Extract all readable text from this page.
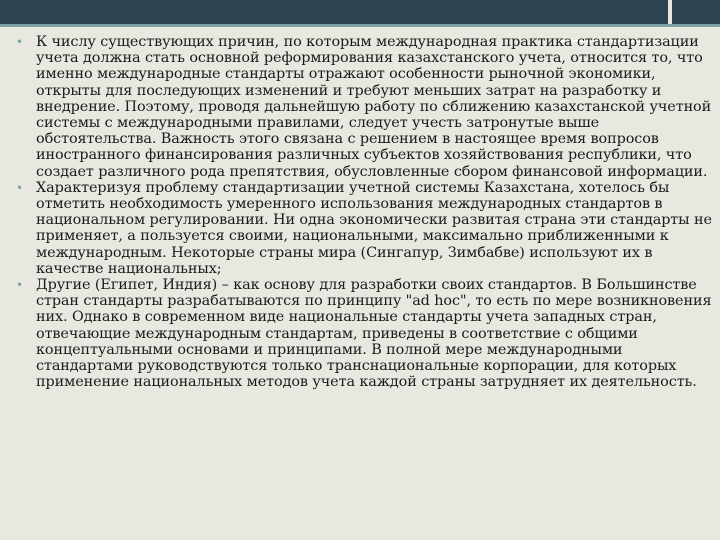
• К числу существующих причин, по которым международная практика стандартизации учета должна стать основной реформирования казахстанского учета, относится то, что именно международные стандарты отражают особенности рыночной экономики, открыты для последующих изменений и требуют меньших затрат на разработку и внедрение. Поэтому, проводя дальнейшую работу по сближению казахстанской учетной системы с международными правилами, следует учесть затронутые выше обстоятельства. Важность этого связана с решением в настоящее время вопросов иностранного финансирования различных субъектов хозяйствования республики, что создает различного рода препятствия, обусловленные сбором финансовой информации.
• Характеризуя проблему стандартизации учетной системы Казахстана, хотелось бы отметить необходимость умеренного использования международных стандартов в национальном регулировании. Ни одна экономически развитая страна эти стандарты не применяет, а пользуется своими, национальными, максимально приближенными к международным. Некоторые страны мира (Сингапур, Зимбабве) используют их в качестве национальных;
• Другие (Египет, Индия) – как основу для разработки своих стандартов. В Большинстве стран стандарты разрабатываются по принципу "ad hoc", то есть по мере возникновения них. Однако в современном виде национальные стандарты учета западных стран, отвечающие международным стандартам, приведены в соответствие с общими концептуальными основами и принципами. В полной мере международными стандартами руководствуются только транснациональные корпорации, для которых применение национальных методов учета каждой страны затрудняет их деятельность.
